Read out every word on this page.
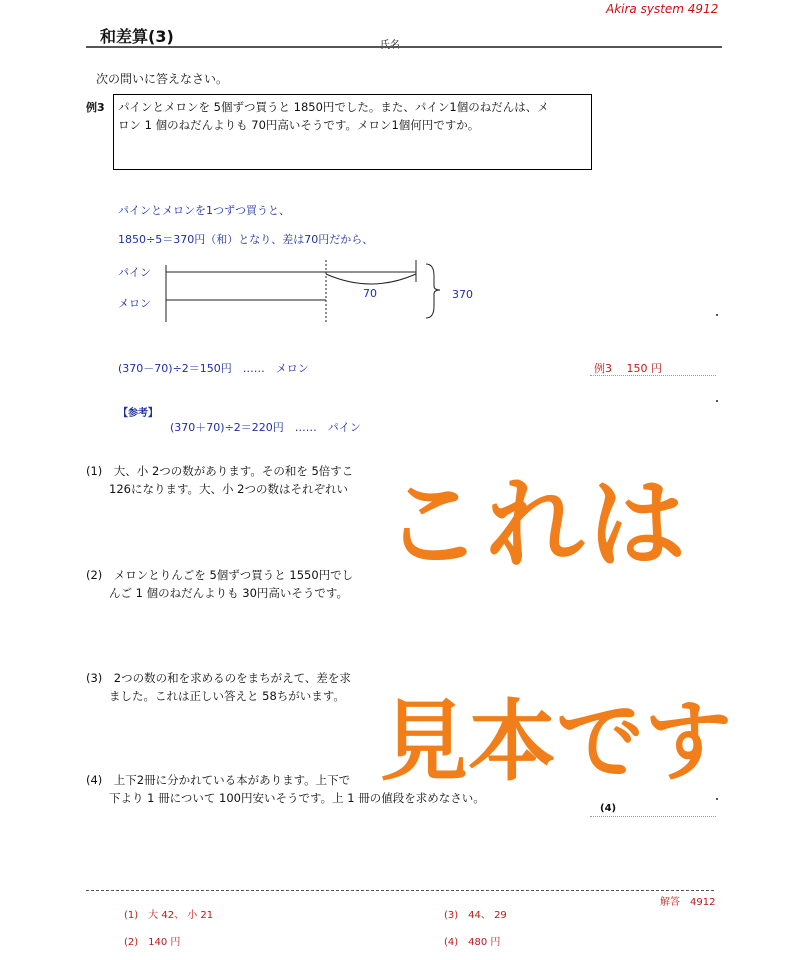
Akira system 4912
和差算(3)	氏名
次の問いに答えなさい。
例3 パインとメロンを 5個ずつ買うと 1850円でした。また、パイン1個のねだんは、メ
ロン 1 個のねだんよりも 70円高いそうです。メロン1個何円ですか。
パインとメロンを1つずつ買うと、
1850÷5＝370円（和）となり、差は70円だから、
パイン
メロン
70	370
(370－70)÷2＝150円　……　メロン	例3　 150 円
【参考】
(370＋70)÷2＝220円　……　パイン
(1)　大、小 2つの数があります。その和を 5倍すこ
　　126になります。大、小 2つの数はそれぞれい
(2)　メロンとりんごを 5個ずつ買うと 1550円でし
　　んご 1 個のねだんよりも 30円高いそうです。
(3)　2つの数の和を求めるのをまちがえて、差を求
　　ました。これは正しい答えと 58ちがいます。
(4)　上下2冊に分かれている本があります。上下で
　　下より 1 冊について 100円安いそうです。上 1 冊の値段を求めなさい。
(4)
これは
見本です
解答　4912
(1)　大 42、 小 21
(2)　140 円
(3)　44、 29
(4)　480 円
